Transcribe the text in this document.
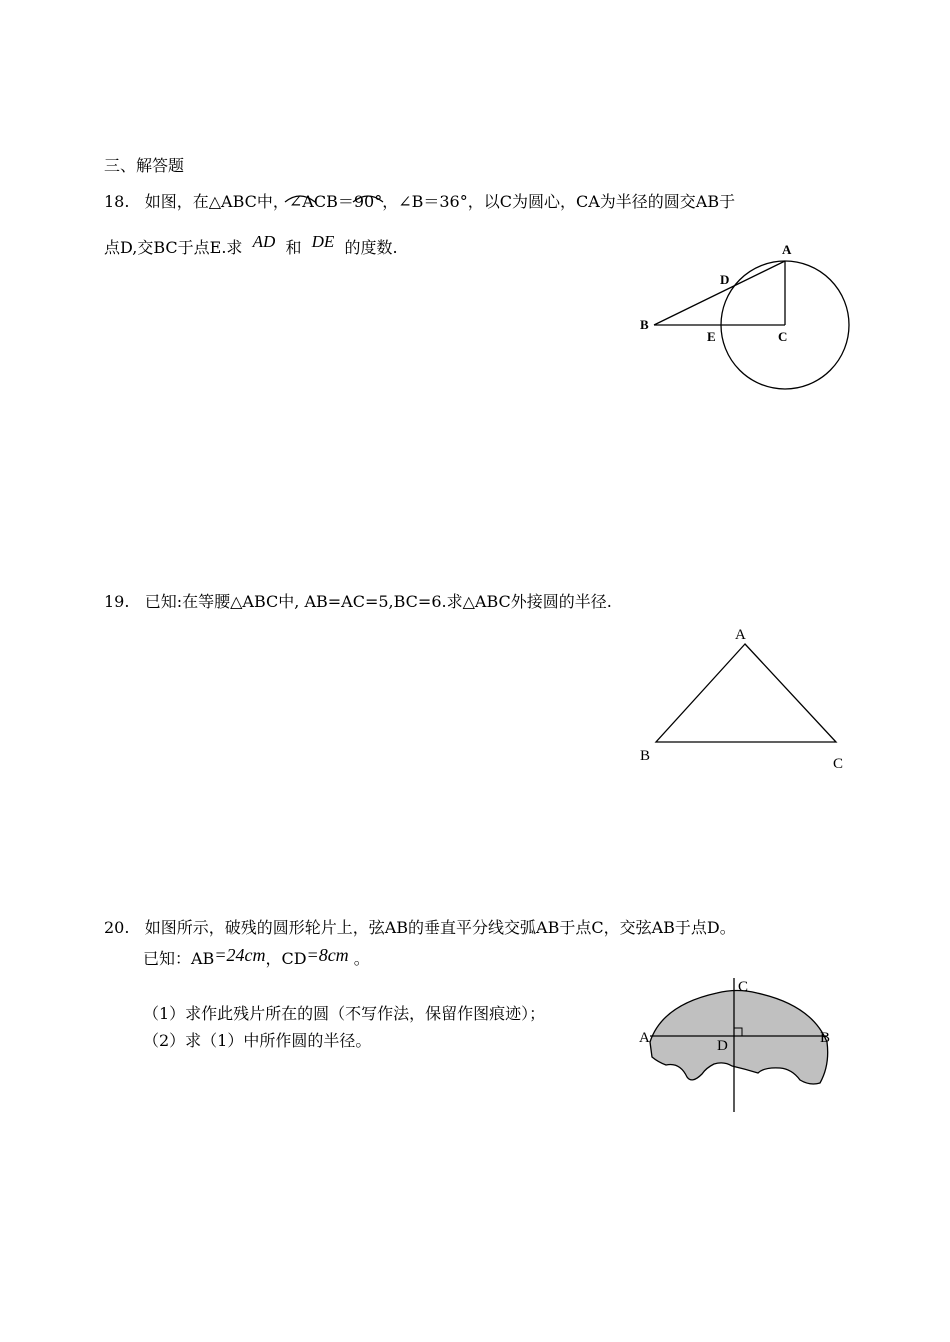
三、解答题
18. 如图，在△ABC中，∠ACB＝90°，∠B＝36°，以C为圆心，CA为半径的圆交AB于
点D,交BC于点E.求 AD 和 DE 的度数.	A
B
C
D
E
19. 已知:在等腰△ABC中, AB=AC=5,BC=6.求△ABC外接圆的半径.
A
B	C
20. 如图所示，破残的圆形轮片上，弦AB的垂直平分线交弧AB于点C，交弦AB于点D。
已知：AB=24cm，CD=8cm 。
（1）求作此残片所在的圆（不写作法，保留作图痕迹）；
（2）求（1）中所作圆的半径。
C
A	B
D
